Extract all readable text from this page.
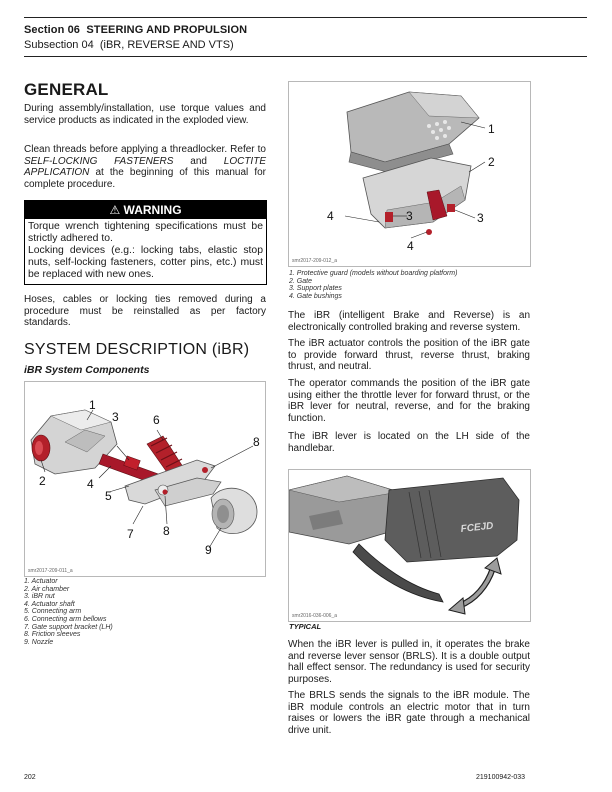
Section 06 STEERING AND PROPULSION
Subsection 04 (iBR, REVERSE AND VTS)
GENERAL
During assembly/installation, use torque values and service products as indicated in the exploded view.
Clean threads before applying a threadlocker. Refer to SELF-LOCKING FASTENERS and LOCTITE APPLICATION at the beginning of this manual for complete procedure.
⚠ WARNING
Torque wrench tightening specifications must be strictly adhered to.
Locking devices (e.g.: locking tabs, elastic stop nuts, self-locking fasteners, cotter pins, etc.) must be replaced with new ones.
Hoses, cables or locking ties removed during a procedure must be reinstalled as per factory standards.
SYSTEM DESCRIPTION (iBR)
iBR System Components
1
2
3
4
5
6
7
8
8
9
smr2017-209-011_a
1. Actuator
2. Air chamber
3. iBR nut
4. Actuator shaft
5. Connecting arm
6. Connecting arm bellows
7. Gate support bracket (LH)
8. Friction sleeves
9. Nozzle
1
2
3	3
4
4
smr2017-209-012_a
1. Protective guard (models without boarding platform)
2. Gate
3. Support plates
4. Gate bushings
The iBR (intelligent Brake and Reverse) is an electronically controlled braking and reverse system.
The iBR actuator controls the position of the iBR gate to provide forward thrust, reverse thrust, braking thrust, and neutral.
The operator commands the position of the iBR gate using either the throttle lever for forward thrust, or the iBR lever for neutral, reverse, and for the braking function.
The iBR lever is located on the LH side of the handlebar.
FCEJD
smr2016-036-006_a
TYPICAL
When the iBR lever is pulled in, it operates the brake and reverse lever sensor (BRLS). It is a double output hall effect sensor. The redundancy is used for security purposes.
The BRLS sends the signals to the iBR module. The iBR module controls an electric motor that in turn raises or lowers the iBR gate through a mechanical drive unit.
202	219100942-033
